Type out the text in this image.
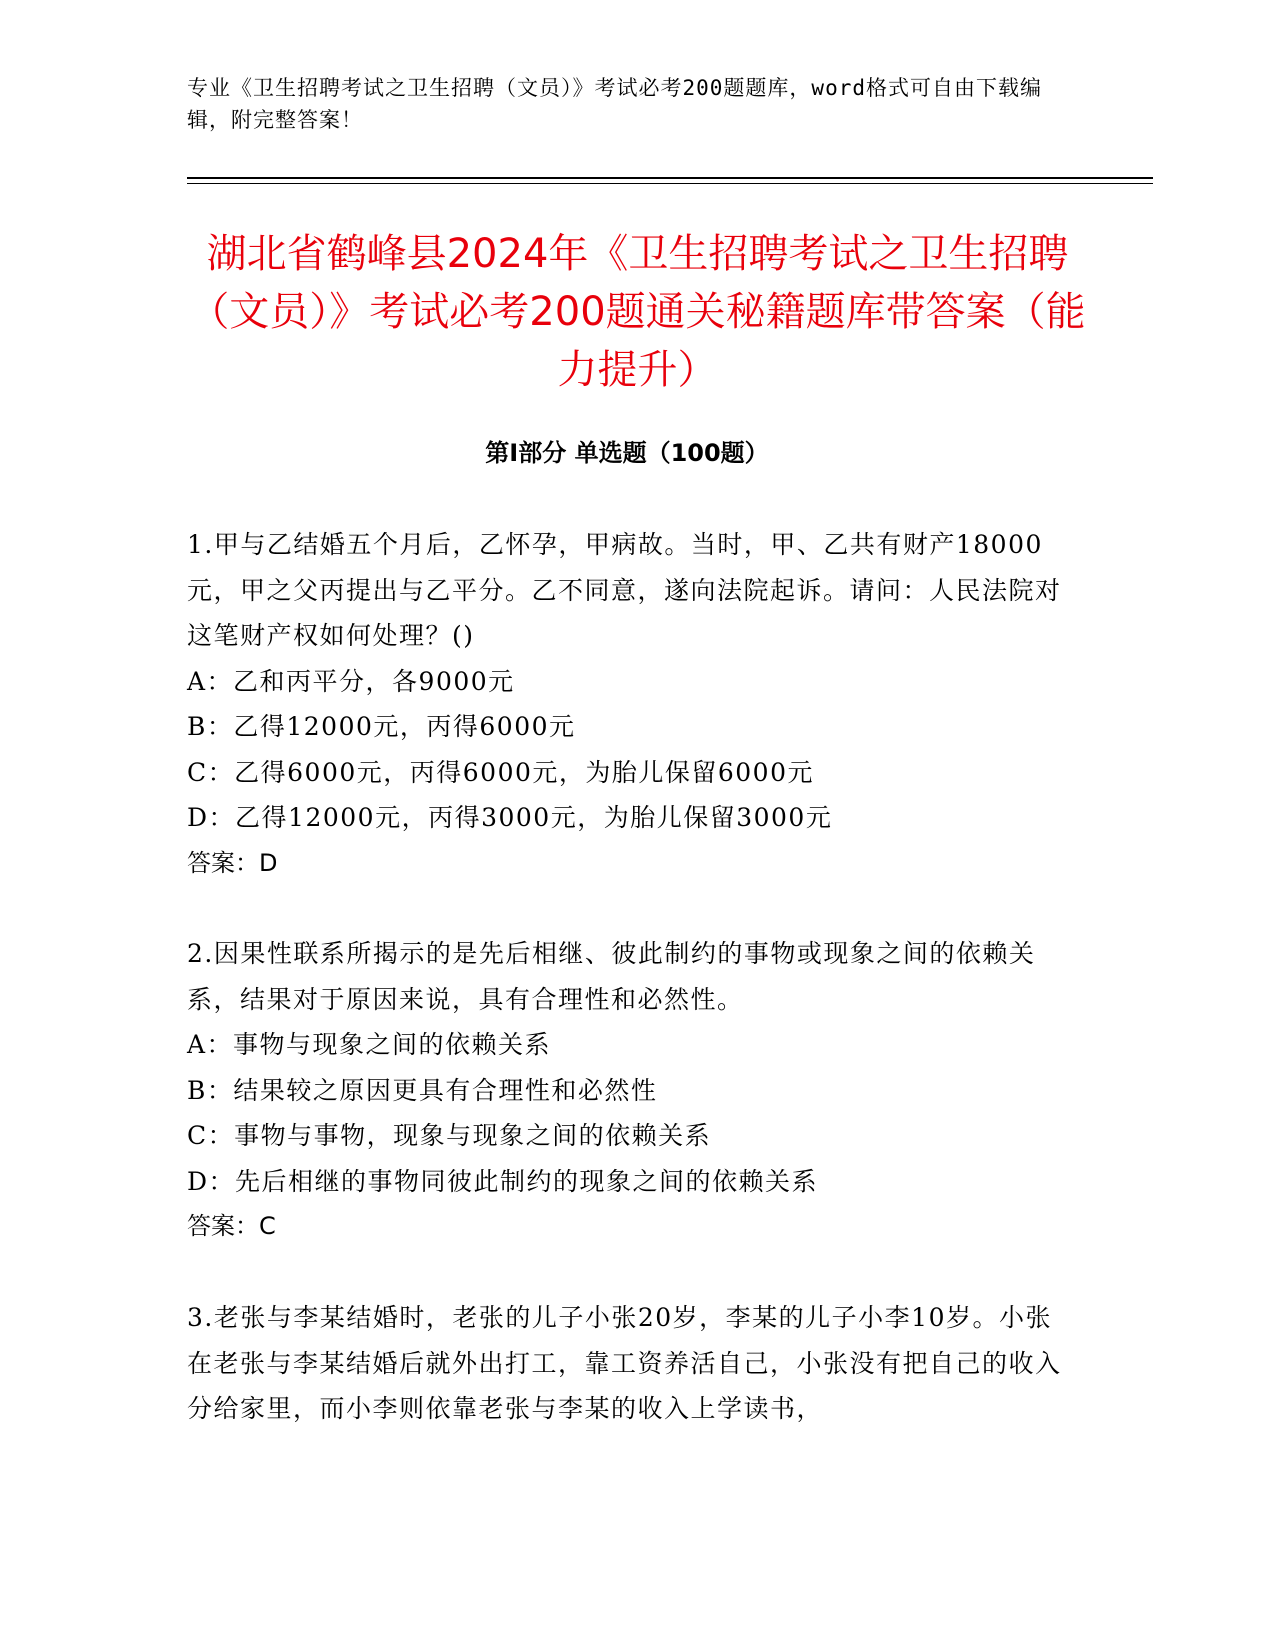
专业《卫生招聘考试之卫生招聘（文员）》考试必考200题题库，word格式可自由下载编辑，附完整答案！
湖北省鹤峰县2024年《卫生招聘考试之卫生招聘（文员）》考试必考200题通关秘籍题库带答案（能力提升）
第Ⅰ部分 单选题（100题）
1.甲与乙结婚五个月后，乙怀孕，甲病故。当时，甲、乙共有财产18000元，甲之父丙提出与乙平分。乙不同意，遂向法院起诉。请问：人民法院对这笔财产权如何处理？()
A：乙和丙平分，各9000元
B：乙得12000元，丙得6000元
C：乙得6000元，丙得6000元，为胎儿保留6000元
D：乙得12000元，丙得3000元，为胎儿保留3000元
答案：D
2.因果性联系所揭示的是先后相继、彼此制约的事物或现象之间的依赖关系，结果对于原因来说，具有合理性和必然性。
A：事物与现象之间的依赖关系
B：结果较之原因更具有合理性和必然性
C：事物与事物，现象与现象之间的依赖关系
D：先后相继的事物同彼此制约的现象之间的依赖关系
答案：C
3.老张与李某结婚时，老张的儿子小张20岁，李某的儿子小李10岁。小张在老张与李某结婚后就外出打工，靠工资养活自己，小张没有把自己的收入分给家里，而小李则依靠老张与李某的收入上学读书，
